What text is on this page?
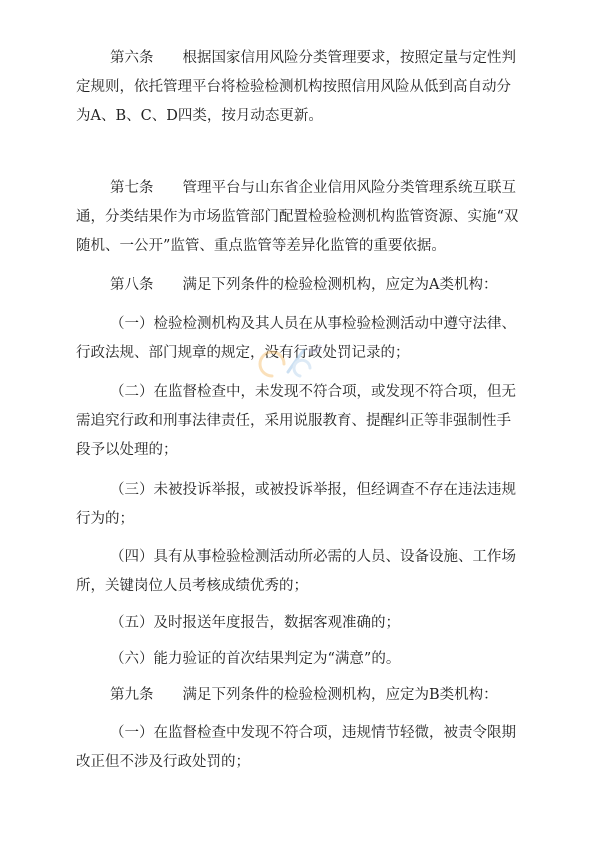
第六条　　根据国家信用风险分类管理要求，按照定量与定性判
定规则，依托管理平台将检验检测机构按照信用风险从低到高自动分
为A、B、C、D四类，按月动态更新。
第七条　　管理平台与山东省企业信用风险分类管理系统互联互
通，分类结果作为市场监管部门配置检验检测机构监管资源、实施“双
随机、一公开”监管、重点监管等差异化监管的重要依据。
第八条　　满足下列条件的检验检测机构，应定为A类机构：
（一）检验检测机构及其人员在从事检验检测活动中遵守法律、
行政法规、部门规章的规定，没有行政处罚记录的；
（二）在监督检查中，未发现不符合项，或发现不符合项，但无
需追究行政和刑事法律责任，采用说服教育、提醒纠正等非强制性手
段予以处理的；
（三）未被投诉举报，或被投诉举报，但经调查不存在违法违规
行为的；
（四）具有从事检验检测活动所必需的人员、设备设施、工作场
所，关键岗位人员考核成绩优秀的；
（五）及时报送年度报告，数据客观准确的；
（六）能力验证的首次结果判定为“满意”的。
第九条　　满足下列条件的检验检测机构，应定为B类机构：
（一）在监督检查中发现不符合项，违规情节轻微，被责令限期
改正但不涉及行政处罚的；
